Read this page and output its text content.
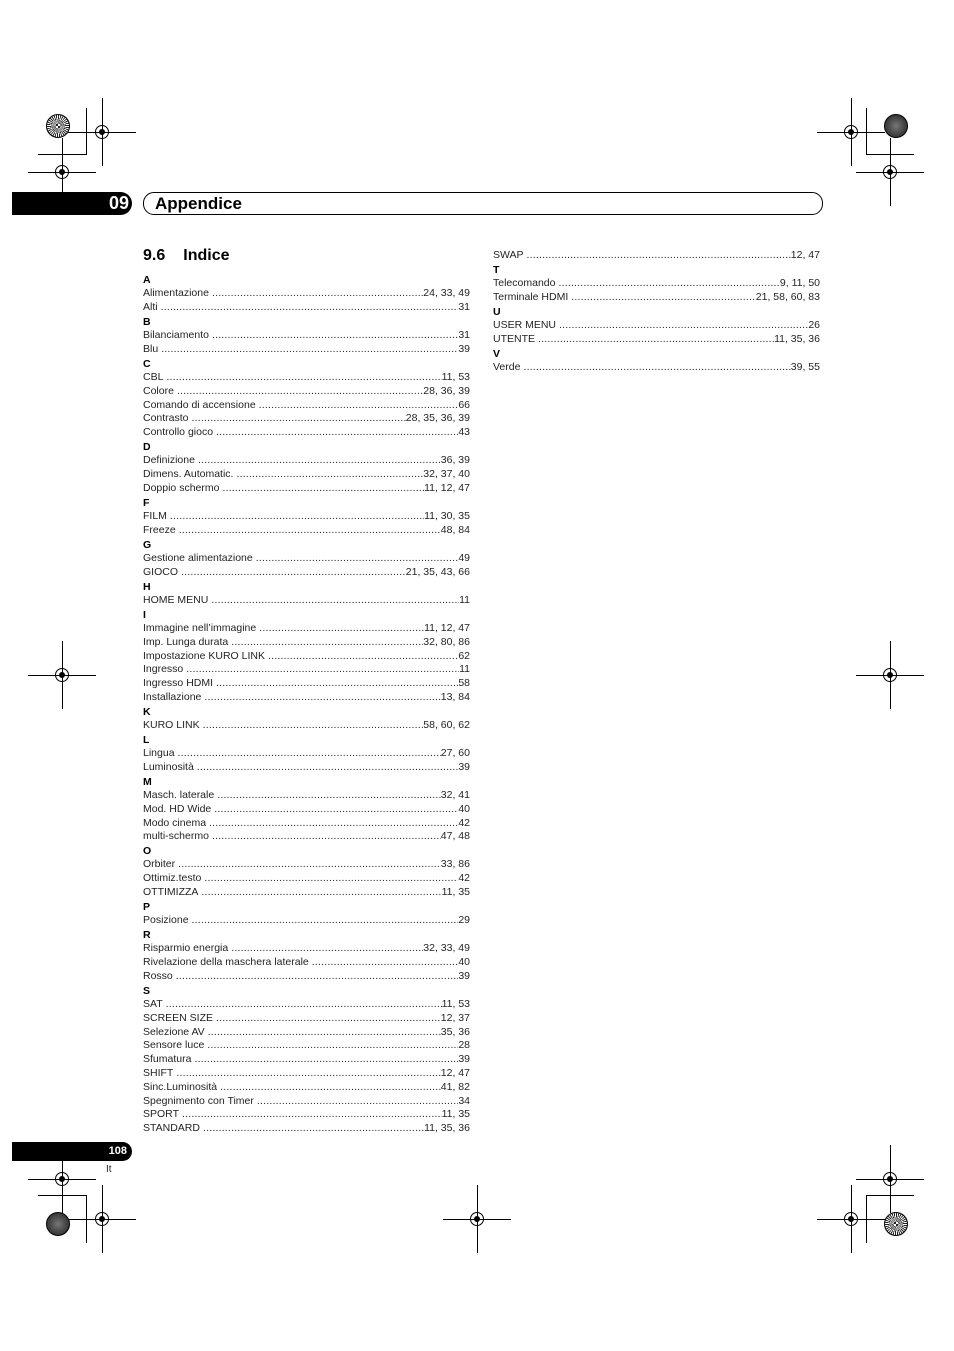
09 Appendice
9.6 Indice
A
Alimentazione .....	24, 33, 49
Alti .....	31
B
Bilanciamento .....	31
Blu .....	39
C
CBL .....	11, 53
Colore .....	28, 36, 39
Comando di accensione .....	66
Contrasto .....	28, 35, 36, 39
Controllo gioco .....	43
D
Definizione .....	36, 39
Dimens. Automatic. .....	32, 37, 40
Doppio schermo .....	11, 12, 47
F
FILM .....	11, 30, 35
Freeze .....	48, 84
G
Gestione alimentazione .....	49
GIOCO .....	21, 35, 43, 66
H
HOME MENU .....	11
I
Immagine nell’immagine .....	11, 12, 47
Imp. Lunga durata .....	32, 80, 86
Impostazione KURO LINK .....	62
Ingresso .....	11
Ingresso HDMI .....	58
Installazione .....	13, 84
K
KURO LINK .....	58, 60, 62
L
Lingua .....	27, 60
Luminosità .....	39
M
Masch. laterale .....	32, 41
Mod. HD Wide .....	40
Modo cinema .....	42
multi-schermo .....	47, 48
O
Orbiter .....	33, 86
Ottimiz.testo .....	42
OTTIMIZZA .....	11, 35
P
Posizione .....	29
R
Risparmio energia .....	32, 33, 49
Rivelazione della maschera laterale .....	40
Rosso .....	39
S
SAT .....	11, 53
SCREEN SIZE .....	12, 37
Selezione AV .....	35, 36
Sensore luce .....	28
Sfumatura .....	39
SHIFT .....	12, 47
Sinc.Luminosità .....	41, 82
Spegnimento con Timer .....	34
SPORT .....	11, 35
STANDARD .....	11, 35, 36
SWAP .....	12, 47
T
Telecomando .....	9, 11, 50
Terminale HDMI .....	21, 58, 60, 83
U
USER MENU .....	26
UTENTE .....	11, 35, 36
V
Verde .....	39, 55
108
It
